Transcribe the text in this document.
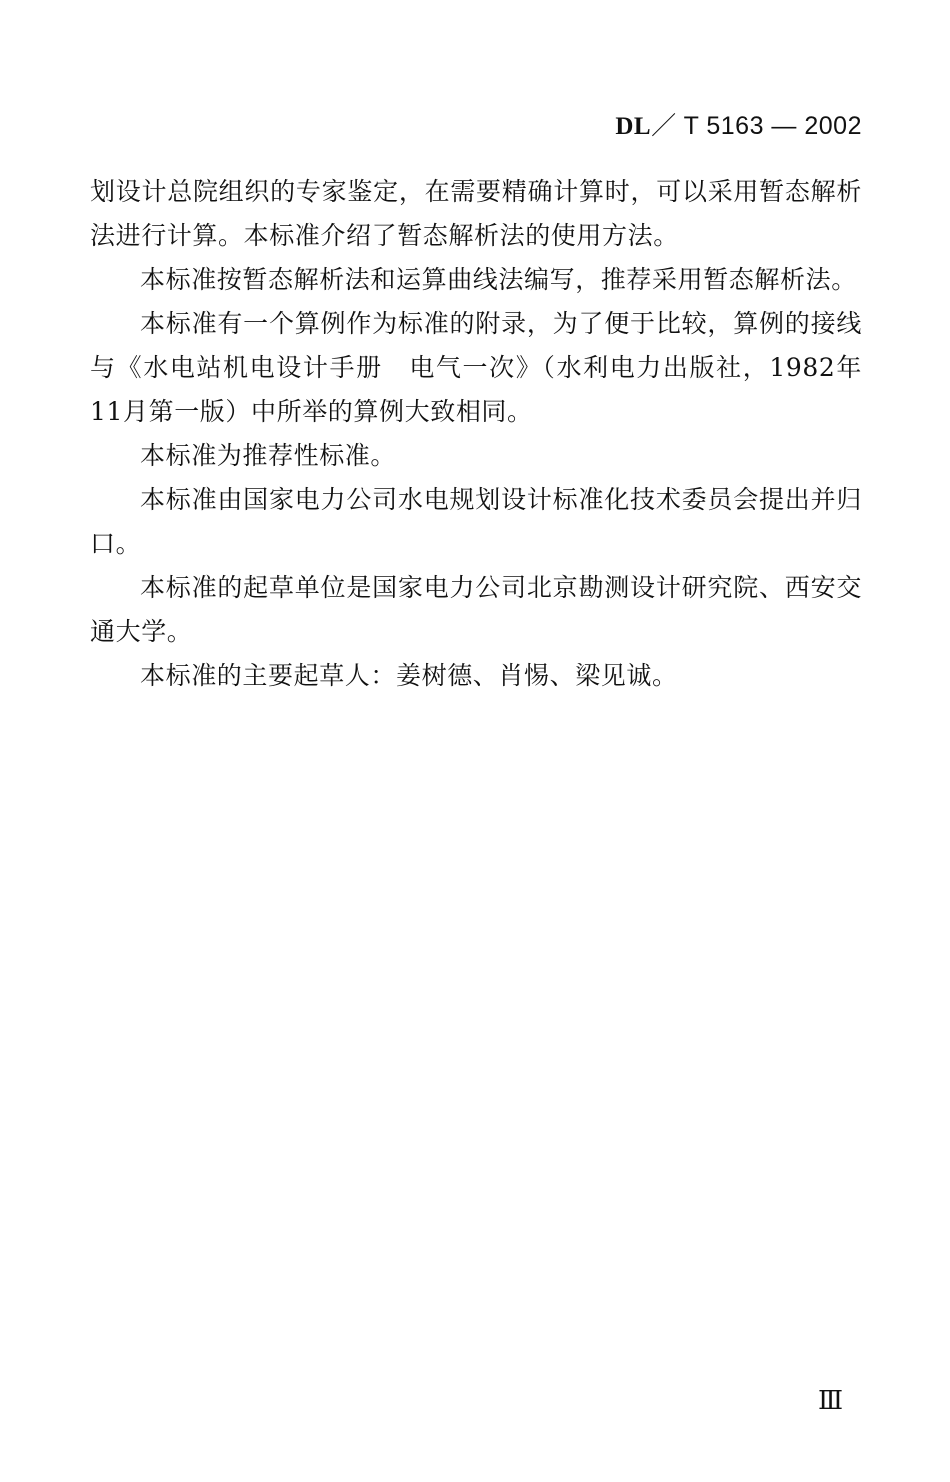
DL／ T 5163 — 2002

划设计总院组织的专家鉴定，在需要精确计算时，可以采用暂态解析法进行计算。本标准介绍了暂态解析法的使用方法。

本标准按暂态解析法和运算曲线法编写，推荐采用暂态解析法。

本标准有一个算例作为标准的附录，为了便于比较，算例的接线与《水电站机电设计手册　电气一次》（水利电力出版社，1982年11月第一版）中所举的算例大致相同。

本标准为推荐性标准。

本标准由国家电力公司水电规划设计标准化技术委员会提出并归口。

本标准的起草单位是国家电力公司北京勘测设计研究院、西安交通大学。

本标准的主要起草人：姜树德、肖惕、梁见诚。

Ⅲ
